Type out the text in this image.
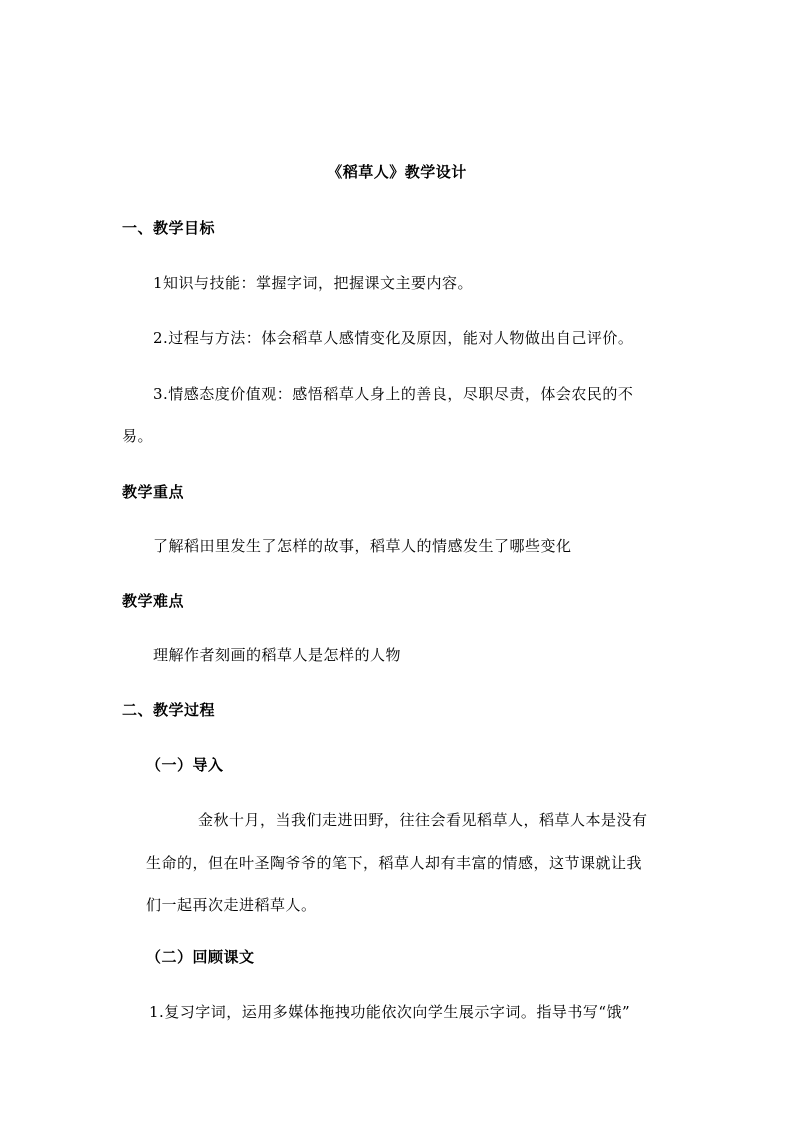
《稻草人》教学设计
一、教学目标
1知识与技能：掌握字词，把握课文主要内容。
2.过程与方法：体会稻草人感情变化及原因，能对人物做出自己评价。
3.情感态度价值观：感悟稻草人身上的善良，尽职尽责，体会农民的不
易。
教学重点
了解稻田里发生了怎样的故事，稻草人的情感发生了哪些变化
教学难点
理解作者刻画的稻草人是怎样的人物
二、教学过程
（一）导入
金秋十月，当我们走进田野，往往会看见稻草人，稻草人本是没有
生命的，但在叶圣陶爷爷的笔下，稻草人却有丰富的情感，这节课就让我
们一起再次走进稻草人。
（二）回顾课文
1.复习字词，运用多媒体拖拽功能依次向学生展示字词。指导书写“饿”
